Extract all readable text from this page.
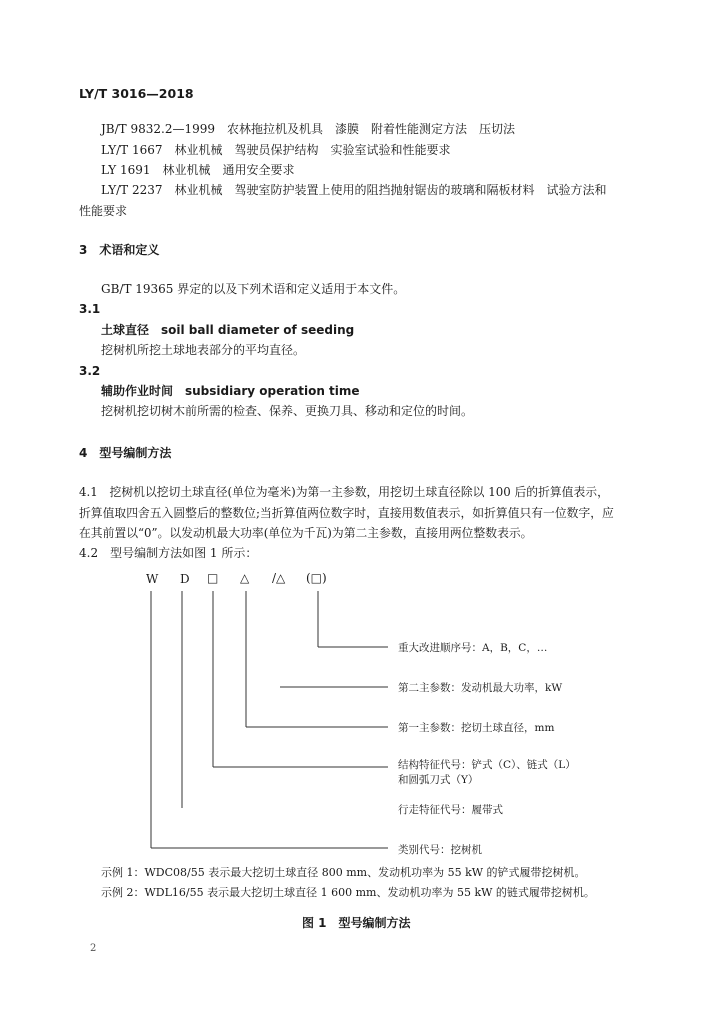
LY/T 3016—2018
JB/T 9832.2—1999　农林拖拉机及机具　漆膜　附着性能测定方法　压切法
LY/T 1667　林业机械　驾驶员保护结构　实验室试验和性能要求
LY 1691　林业机械　通用安全要求
LY/T 2237　林业机械　驾驶室防护装置上使用的阻挡抛射锯齿的玻璃和隔板材料　试验方法和
性能要求
3　术语和定义
GB/T 19365 界定的以及下列术语和定义适用于本文件。
3.1
土球直径　soil ball diameter of seeding
挖树机所挖土球地表部分的平均直径。
3.2
辅助作业时间　subsidiary operation time
挖树机挖切树木前所需的检查、保养、更换刀具、移动和定位的时间。
4　型号编制方法
4.1　挖树机以挖切土球直径(单位为毫米)为第一主参数，用挖切土球直径除以 100 后的折算值表示，
折算值取四舍五入圆整后的整数位;当折算值两位数字时，直接用数值表示，如折算值只有一位数字，应
在其前置以“0”。以发动机最大功率(单位为千瓦)为第二主参数，直接用两位整数表示。
4.2　型号编制方法如图 1 所示：
W D □ △ /△ (□)
重大改进顺序号：A，B，C，…
第二主参数：发动机最大功率，kW
第一主参数：挖切土球直径，mm
结构特征代号：铲式（C）、链式（L）
和圆弧刀式（Y）
行走特征代号：履带式
类别代号：挖树机
示例 1：WDC08/55 表示最大挖切土球直径 800 mm、发动机功率为 55 kW 的铲式履带挖树机。
示例 2：WDL16/55 表示最大挖切土球直径 1 600 mm、发动机功率为 55 kW 的链式履带挖树机。
图 1　型号编制方法
2
